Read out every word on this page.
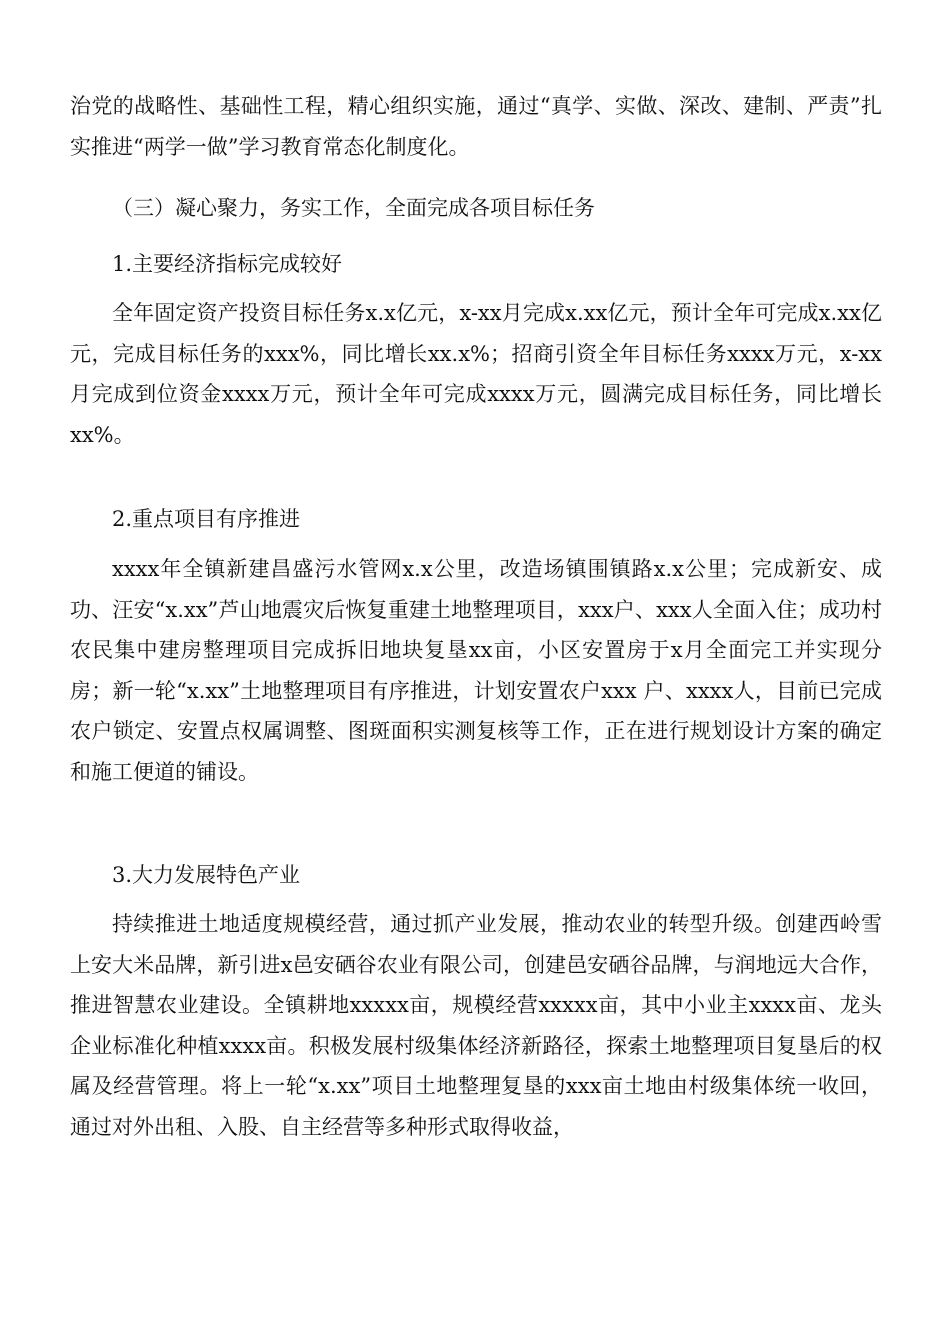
治党的战略性、基础性工程，精心组织实施，通过“真学、实做、深改、建制、严责”扎实推进“两学一做”学习教育常态化制度化。

（三）凝心聚力，务实工作，全面完成各项目标任务

1.主要经济指标完成较好

全年固定资产投资目标任务x.x亿元，x-xx月完成x.xx亿元，预计全年可完成x.xx亿元，完成目标任务的xxx%，同比增长xx.x%；招商引资全年目标任务xxxx万元，x-xx月完成到位资金xxxx万元，预计全年可完成xxxx万元，圆满完成目标任务，同比增长xx%。

2.重点项目有序推进

xxxx年全镇新建昌盛污水管网x.x公里，改造场镇围镇路x.x公里；完成新安、成功、汪安“x.xx”芦山地震灾后恢复重建土地整理项目，xxx户、xxx人全面入住；成功村农民集中建房整理项目完成拆旧地块复垦xx亩，小区安置房于x月全面完工并实现分房；新一轮“x.xx”土地整理项目有序推进，计划安置农户xxx 户、xxxx人，目前已完成农户锁定、安置点权属调整、图斑面积实测复核等工作，正在进行规划设计方案的确定和施工便道的铺设。

3.大力发展特色产业

持续推进土地适度规模经营，通过抓产业发展，推动农业的转型升级。创建西岭雪上安大米品牌，新引进x邑安硒谷农业有限公司，创建邑安硒谷品牌，与润地远大合作，推进智慧农业建设。全镇耕地xxxxx亩，规模经营xxxxx亩，其中小业主xxxx亩、龙头企业标准化种植xxxx亩。积极发展村级集体经济新路径，探索土地整理项目复垦后的权属及经营管理。将上一轮“x.xx”项目土地整理复垦的xxx亩土地由村级集体统一收回，通过对外出租、入股、自主经营等多种形式取得收益，
